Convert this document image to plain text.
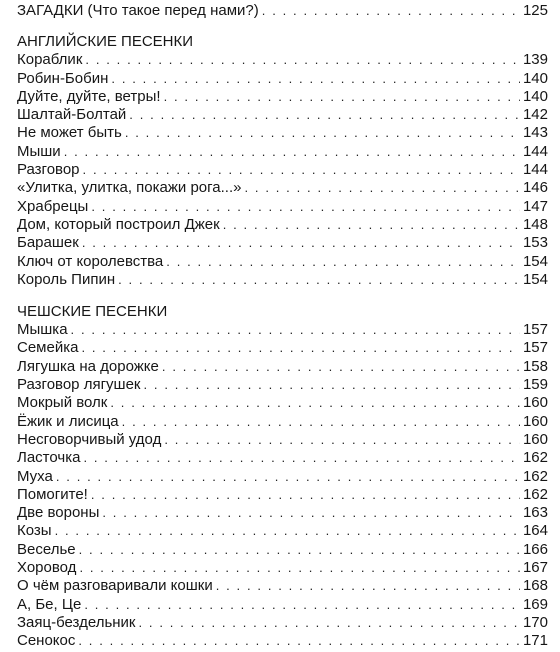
ЗАГАДКИ (Что такое перед нами?) . . .	125
АНГЛИЙСКИЕ ПЕСЕНКИ
Кораблик . . .	139
Робин-Бобин . . .	140
Дуйте, дуйте, ветры! . . .	140
Шалтай-Болтай . . .	142
Не может быть . . .	143
Мыши . . .	144
Разговор . . .	144
«Улитка, улитка, покажи рога...» . . .	146
Храбрецы . . .	147
Дом, который построил Джек . . .	148
Барашек . . .	153
Ключ от королевства . . .	154
Король Пипин . . .	154
ЧЕШСКИЕ ПЕСЕНКИ
Мышка . . .	157
Семейка . . .	157
Лягушка на дорожке . . .	158
Разговор лягушек . . .	159
Мокрый волк . . .	160
Ёжик и лисица . . .	160
Несговорчивый удод . . .	160
Ласточка . . .	162
Муха . . .	162
Помогите! . . .	162
Две вороны . . .	163
Козы . . .	164
Веселье . . .	166
Хоровод . . .	167
О чём разговаривали кошки . . .	168
А, Бе, Це . . .	169
Заяц-бездельник . . .	170
Сенокос . . .	171
